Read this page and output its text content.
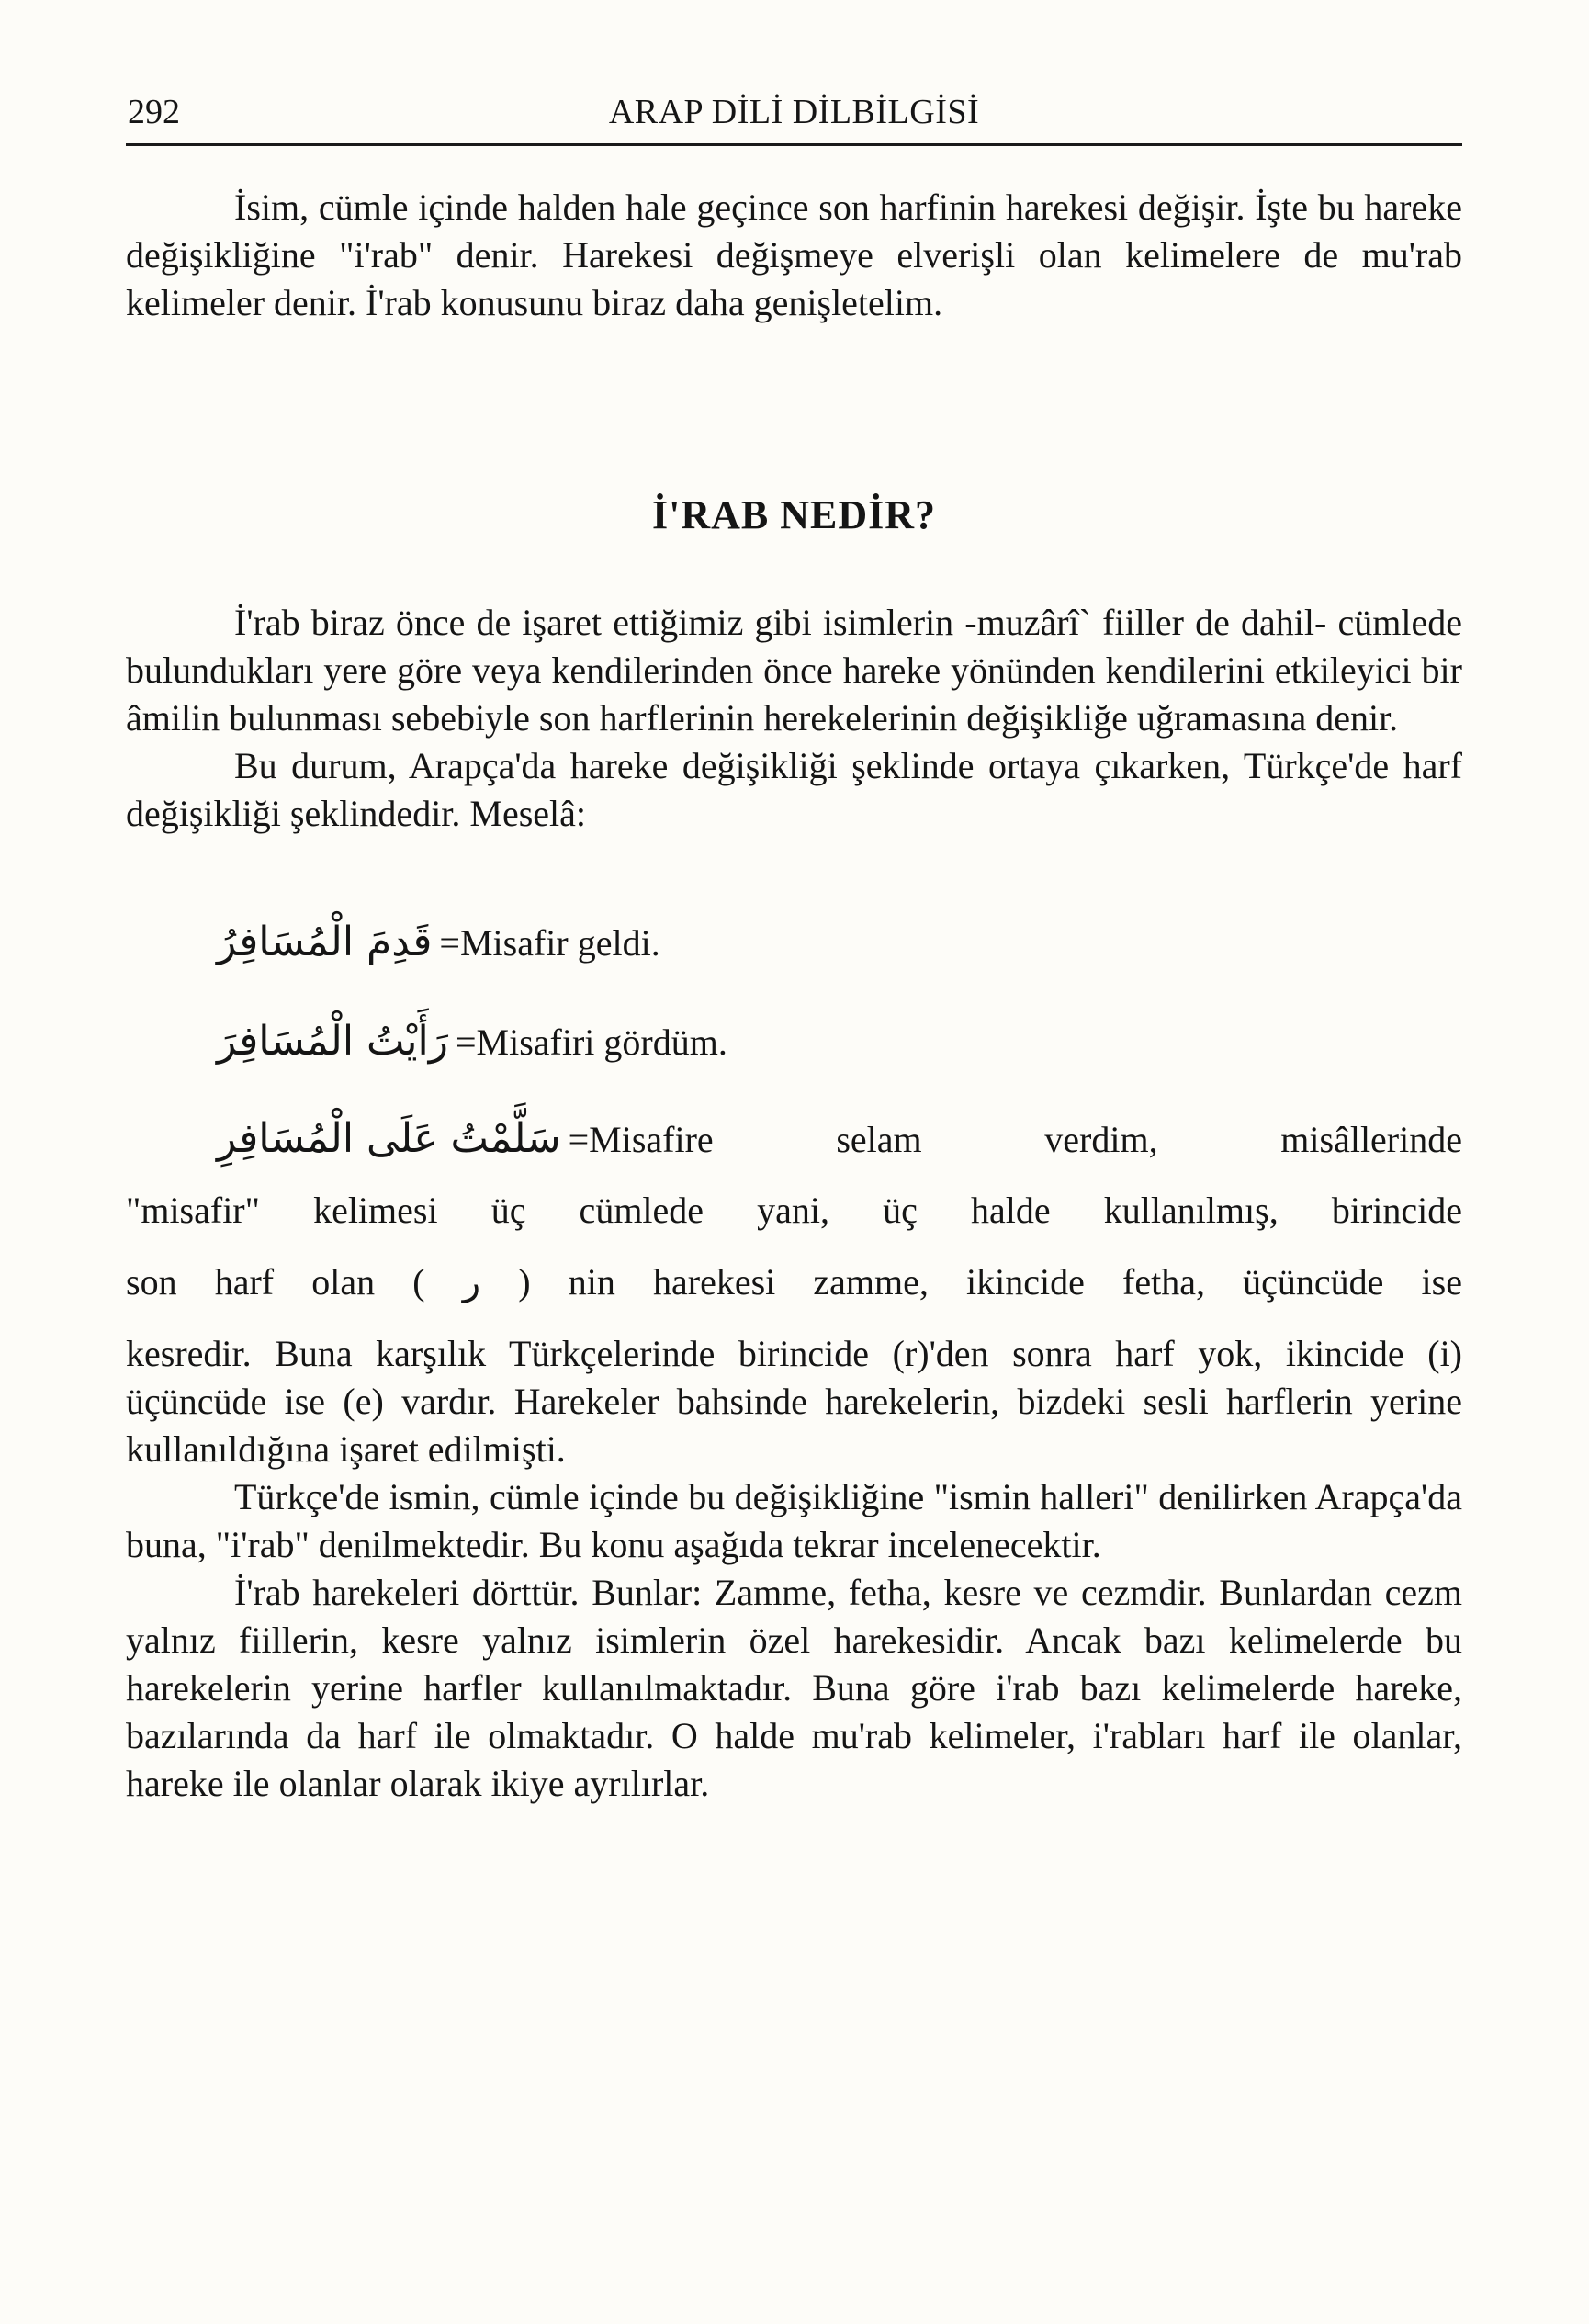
292	ARAP DİLİ DİLBİLGİSİ

İsim, cümle içinde halden hale geçince son harfinin harekesi değişir. İşte bu hareke değişikliğine "i'rab" denir. Harekesi değişmeye elverişli olan kelimelere de mu'rab kelimeler denir. İ'rab konusunu biraz daha genişletelim.

İ'RAB NEDİR?

İ'rab biraz önce de işaret ettiğimiz gibi isimlerin -muzârî` fiiller de dahil- cümlede bulundukları yere göre veya kendilerinden önce hareke yönünden kendilerini etkileyici bir âmilin bulunması sebebiyle son harflerinin herekelerinin değişikliğe uğramasına denir.

Bu durum, Arapça'da hareke değişikliği şeklinde ortaya çıkarken, Türkçe'de harf değişikliği şeklindedir. Meselâ:

قَدِمَ الْمُسَافِرُ =Misafir geldi.
رَأَيْتُ الْمُسَافِرَ =Misafiri gördüm.
سَلَّمْتُ عَلَى الْمُسَافِرِ =Misafire selam verdim, misâllerinde
"misafir" kelimesi üç cümlede yani, üç halde kullanılmış, birincide
son harf olan ( ر ) nin harekesi zamme, ikincide fetha, üçüncüde ise

kesredir. Buna karşılık Türkçelerinde birincide (r)'den sonra harf yok, ikincide (i) üçüncüde ise (e) vardır. Harekeler bahsinde harekelerin, bizdeki sesli harflerin yerine kullanıldığına işaret edilmişti.

Türkçe'de ismin, cümle içinde bu değişikliğine "ismin halleri" denilirken Arapça'da buna, "i'rab" denilmektedir. Bu konu aşağıda tekrar incelenecektir.

İ'rab harekeleri dörttür. Bunlar: Zamme, fetha, kesre ve cezmdir. Bunlardan cezm yalnız fiillerin, kesre yalnız isimlerin özel harekesidir. Ancak bazı kelimelerde bu harekelerin yerine harfler kullanılmaktadır. Buna göre i'rab bazı kelimelerde hareke, bazılarında da harf ile olmaktadır. O halde mu'rab kelimeler, i'rabları harf ile olanlar, hareke ile olanlar olarak ikiye ayrılırlar.
